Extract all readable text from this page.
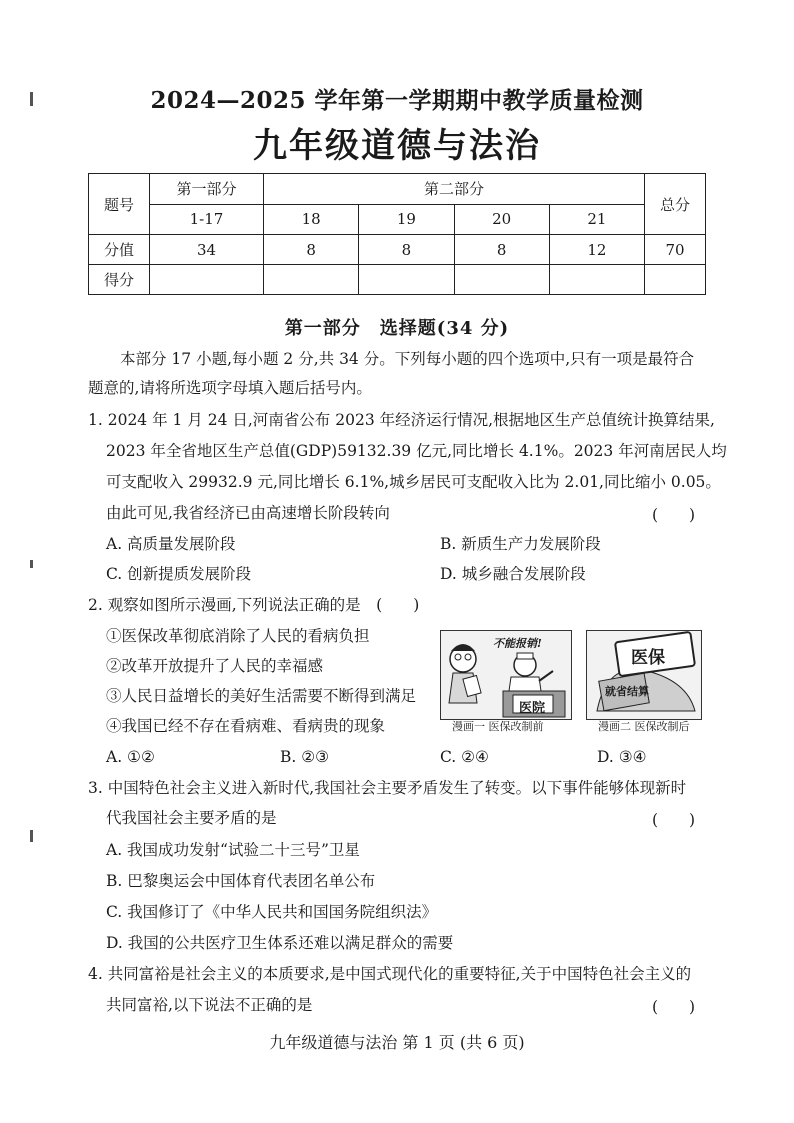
2024—2025 学年第一学期期中教学质量检测
九年级道德与法治
题号	第一部分	第二部分				总分
	1-17	18	19	20	21	
分值	34	8	8	8	12	70
得分						
第一部分　选择题(34 分)
本部分 17 小题,每小题 2 分,共 34 分。下列每小题的四个选项中,只有一项是最符合
题意的,请将所选项字母填入题后括号内。
1. 2024 年 1 月 24 日,河南省公布 2023 年经济运行情况,根据地区生产总值统计换算结果,
2023 年全省地区生产总值(GDP)59132.39 亿元,同比增长 4.1%。2023 年河南居民人均
可支配收入 29932.9 元,同比增长 6.1%,城乡居民可支配收入比为 2.01,同比缩小 0.05。
由此可见,我省经济已由高速增长阶段转向	(　　)
A. 高质量发展阶段	B. 新质生产力发展阶段
C. 创新提质发展阶段	D. 城乡融合发展阶段
2. 观察如图所示漫画,下列说法正确的是　(　　)
①医保改革彻底消除了人民的看病负担
②改革开放提升了人民的幸福感
③人民日益增长的美好生活需要不断得到满足
④我国已经不存在看病难、看病贵的现象
不能报销!
医院
漫画一 医保改制前
医保
就省结算
漫画二 医保改制后
A. ①②	B. ②③	C. ②④	D. ③④
3. 中国特色社会主义进入新时代,我国社会主要矛盾发生了转变。以下事件能够体现新时
代我国社会主要矛盾的是	(　　)
A. 我国成功发射“试验二十三号”卫星
B. 巴黎奥运会中国体育代表团名单公布
C. 我国修订了《中华人民共和国国务院组织法》
D. 我国的公共医疗卫生体系还难以满足群众的需要
4. 共同富裕是社会主义的本质要求,是中国式现代化的重要特征,关于中国特色社会主义的
共同富裕,以下说法不正确的是	(　　)
九年级道德与法治 第 1 页 (共 6 页)
